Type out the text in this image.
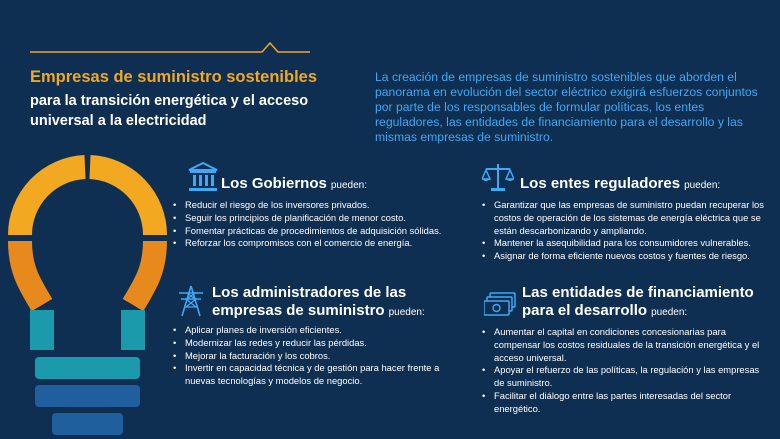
Empresas de suministro sostenibles
para la transición energética y el acceso universal a la electricidad
La creación de empresas de suministro sostenibles que aborden el panorama en evolución del sector eléctrico exigirá esfuerzos conjuntos por parte de los responsables de formular políticas, los entes reguladores, las entidades de financiamiento para el desarrollo y las mismas empresas de suministro.
Los Gobiernos pueden:
• Reducir el riesgo de los inversores privados.
• Seguir los principios de planificación de menor costo.
• Fomentar prácticas de procedimientos de adquisición sólidas.
• Reforzar los compromisos con el comercio de energía.
Los entes reguladores pueden:
• Garantizar que las empresas de suministro puedan recuperar los costos de operación de los sistemas de energía eléctrica que se están descarbonizando y ampliando.
• Mantener la asequibilidad para los consumidores vulnerables.
• Asignar de forma eficiente nuevos costos y fuentes de riesgo.
Los administradores de las empresas de suministro pueden:
• Aplicar planes de inversión eficientes.
• Modernizar las redes y reducir las pérdidas.
• Mejorar la facturación y los cobros.
• Invertir en capacidad técnica y de gestión para hacer frente a nuevas tecnologías y modelos de negocio.
Las entidades de financiamiento para el desarrollo pueden:
• Aumentar el capital en condiciones concesionarias para compensar los costos residuales de la transición energética y el acceso universal.
• Apoyar el refuerzo de las políticas, la regulación y las empresas de suministro.
• Facilitar el diálogo entre las partes interesadas del sector energético.
